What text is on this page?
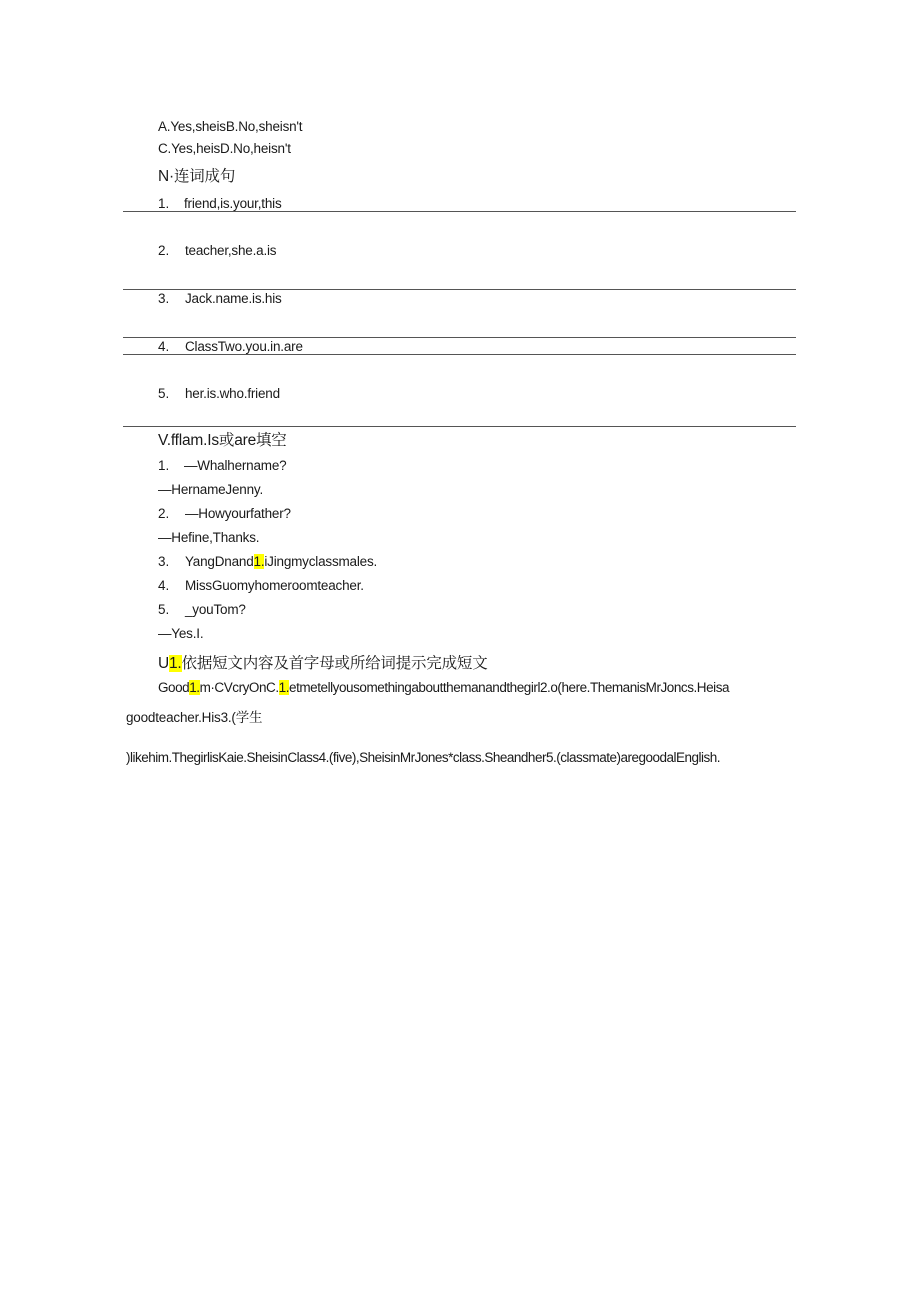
A.Yes,sheisB.No,sheisn't
C.Yes,heisD.No,heisn't
N·连词成句
1. friend,is.your,this
2. teacher,she.a.is
3. Jack.name.is.his
4. ClassTwo.you.in.are
5. her.is.who.friend
V.fflam.Is或are填空
1. —Whalhername?
—HernameJenny.
2. —Howyourfather?
—Hefine,Thanks.
3. YangDnand1.iJingmyclassmales.
4. MissGuomyhomeroomteacher.
5. _youTom?
—Yes.I.
U1.依据短文内容及首字母或所给词提示完成短文
Good1.m·CVcryOnC.1.etmetellyousomethingaboutthemanandthegirl2.o(here.ThemanisMrJoncs.Heisa
goodteacher.His3.(学生
)likehim.ThegirlisKaie.SheisinClass4.(five),SheisinMrJones*class.Sheandher5.(classmate)aregoodalEnglish.
